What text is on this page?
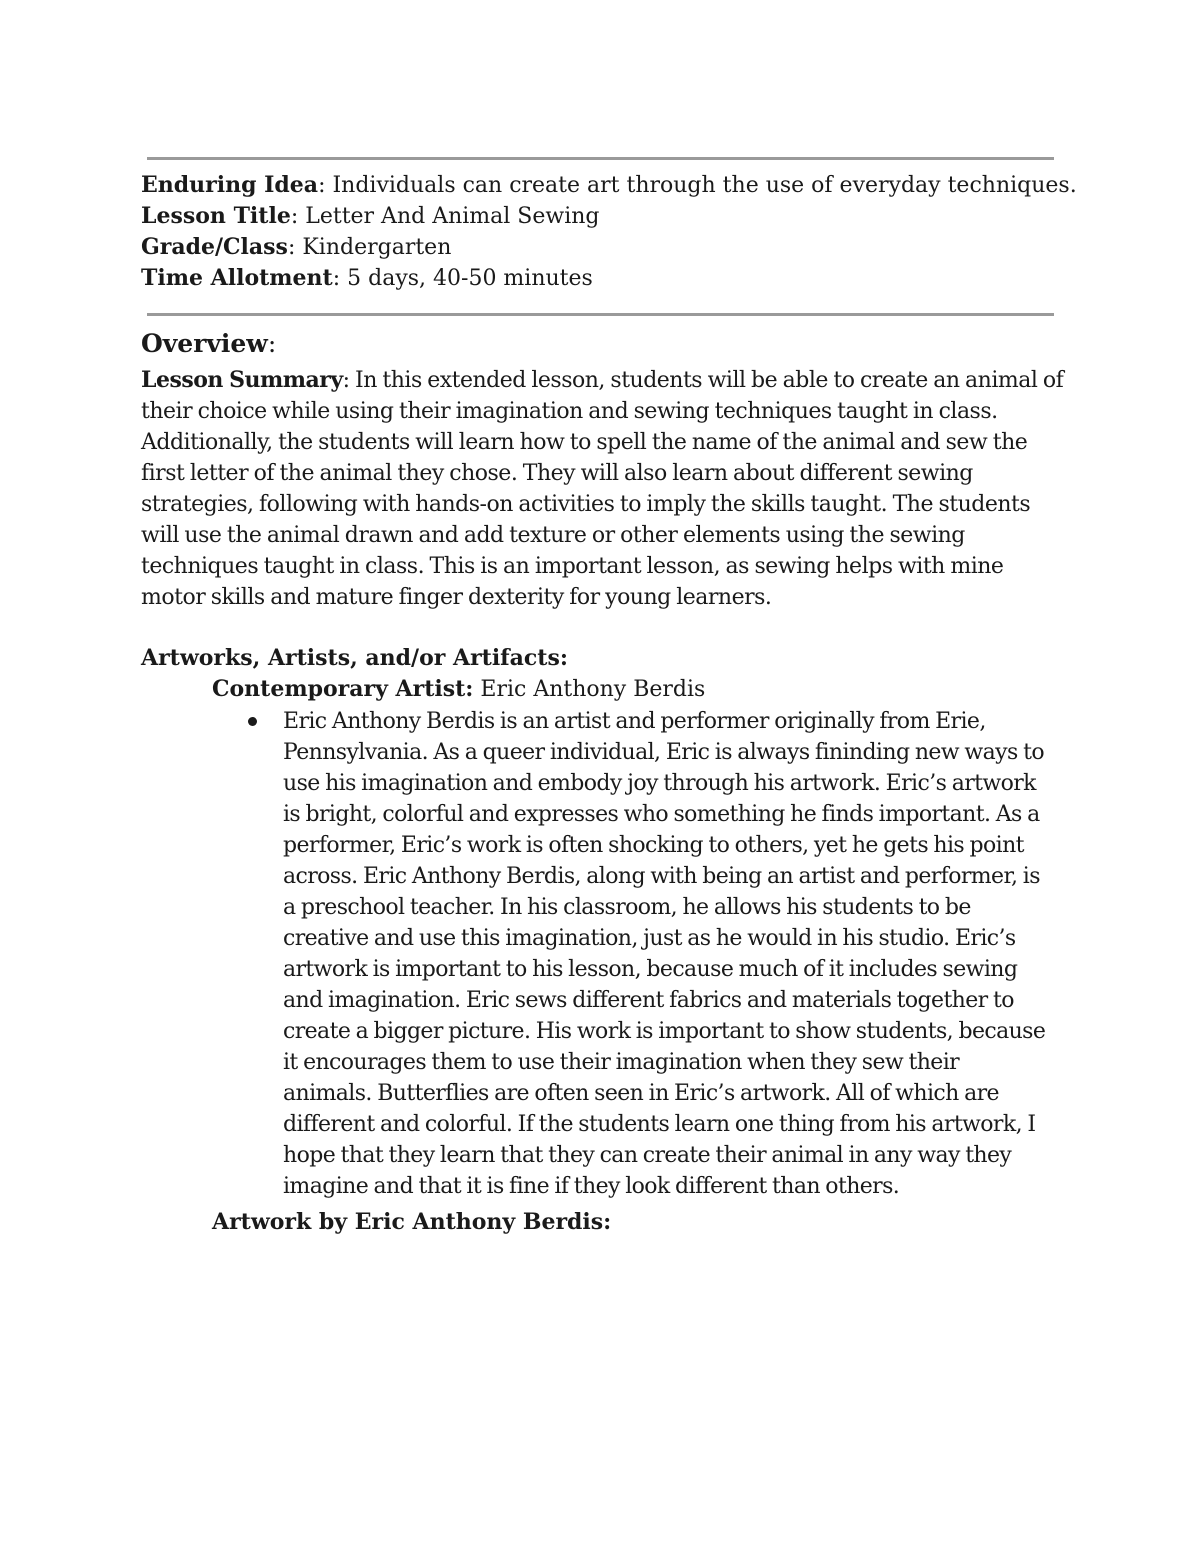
Enduring Idea: Individuals can create art through the use of everyday techniques.
Lesson Title: Letter And Animal Sewing
Grade/Class: Kindergarten
Time Allotment: 5 days, 40-50 minutes
Overview:
Lesson Summary: In this extended lesson, students will be able to create an animal of
their choice while using their imagination and sewing techniques taught in class.
Additionally, the students will learn how to spell the name of the animal and sew the
first letter of the animal they chose. They will also learn about different sewing
strategies, following with hands-on activities to imply the skills taught. The students
will use the animal drawn and add texture or other elements using the sewing
techniques taught in class. This is an important lesson, as sewing helps with mine
motor skills and mature finger dexterity for young learners.
Artworks, Artists, and/or Artifacts:
Contemporary Artist: Eric Anthony Berdis
Eric Anthony Berdis is an artist and performer originally from Erie,
Pennsylvania. As a queer individual, Eric is always fininding new ways to
use his imagination and embody joy through his artwork. Eric’s artwork
is bright, colorful and expresses who something he finds important. As a
performer, Eric’s work is often shocking to others, yet he gets his point
across. Eric Anthony Berdis, along with being an artist and performer, is
a preschool teacher. In his classroom, he allows his students to be
creative and use this imagination, just as he would in his studio. Eric’s
artwork is important to his lesson, because much of it includes sewing
and imagination. Eric sews different fabrics and materials together to
create a bigger picture. His work is important to show students, because
it encourages them to use their imagination when they sew their
animals. Butterflies are often seen in Eric’s artwork. All of which are
different and colorful. If the students learn one thing from his artwork, I
hope that they learn that they can create their animal in any way they
imagine and that it is fine if they look different than others.
Artwork by Eric Anthony Berdis:
